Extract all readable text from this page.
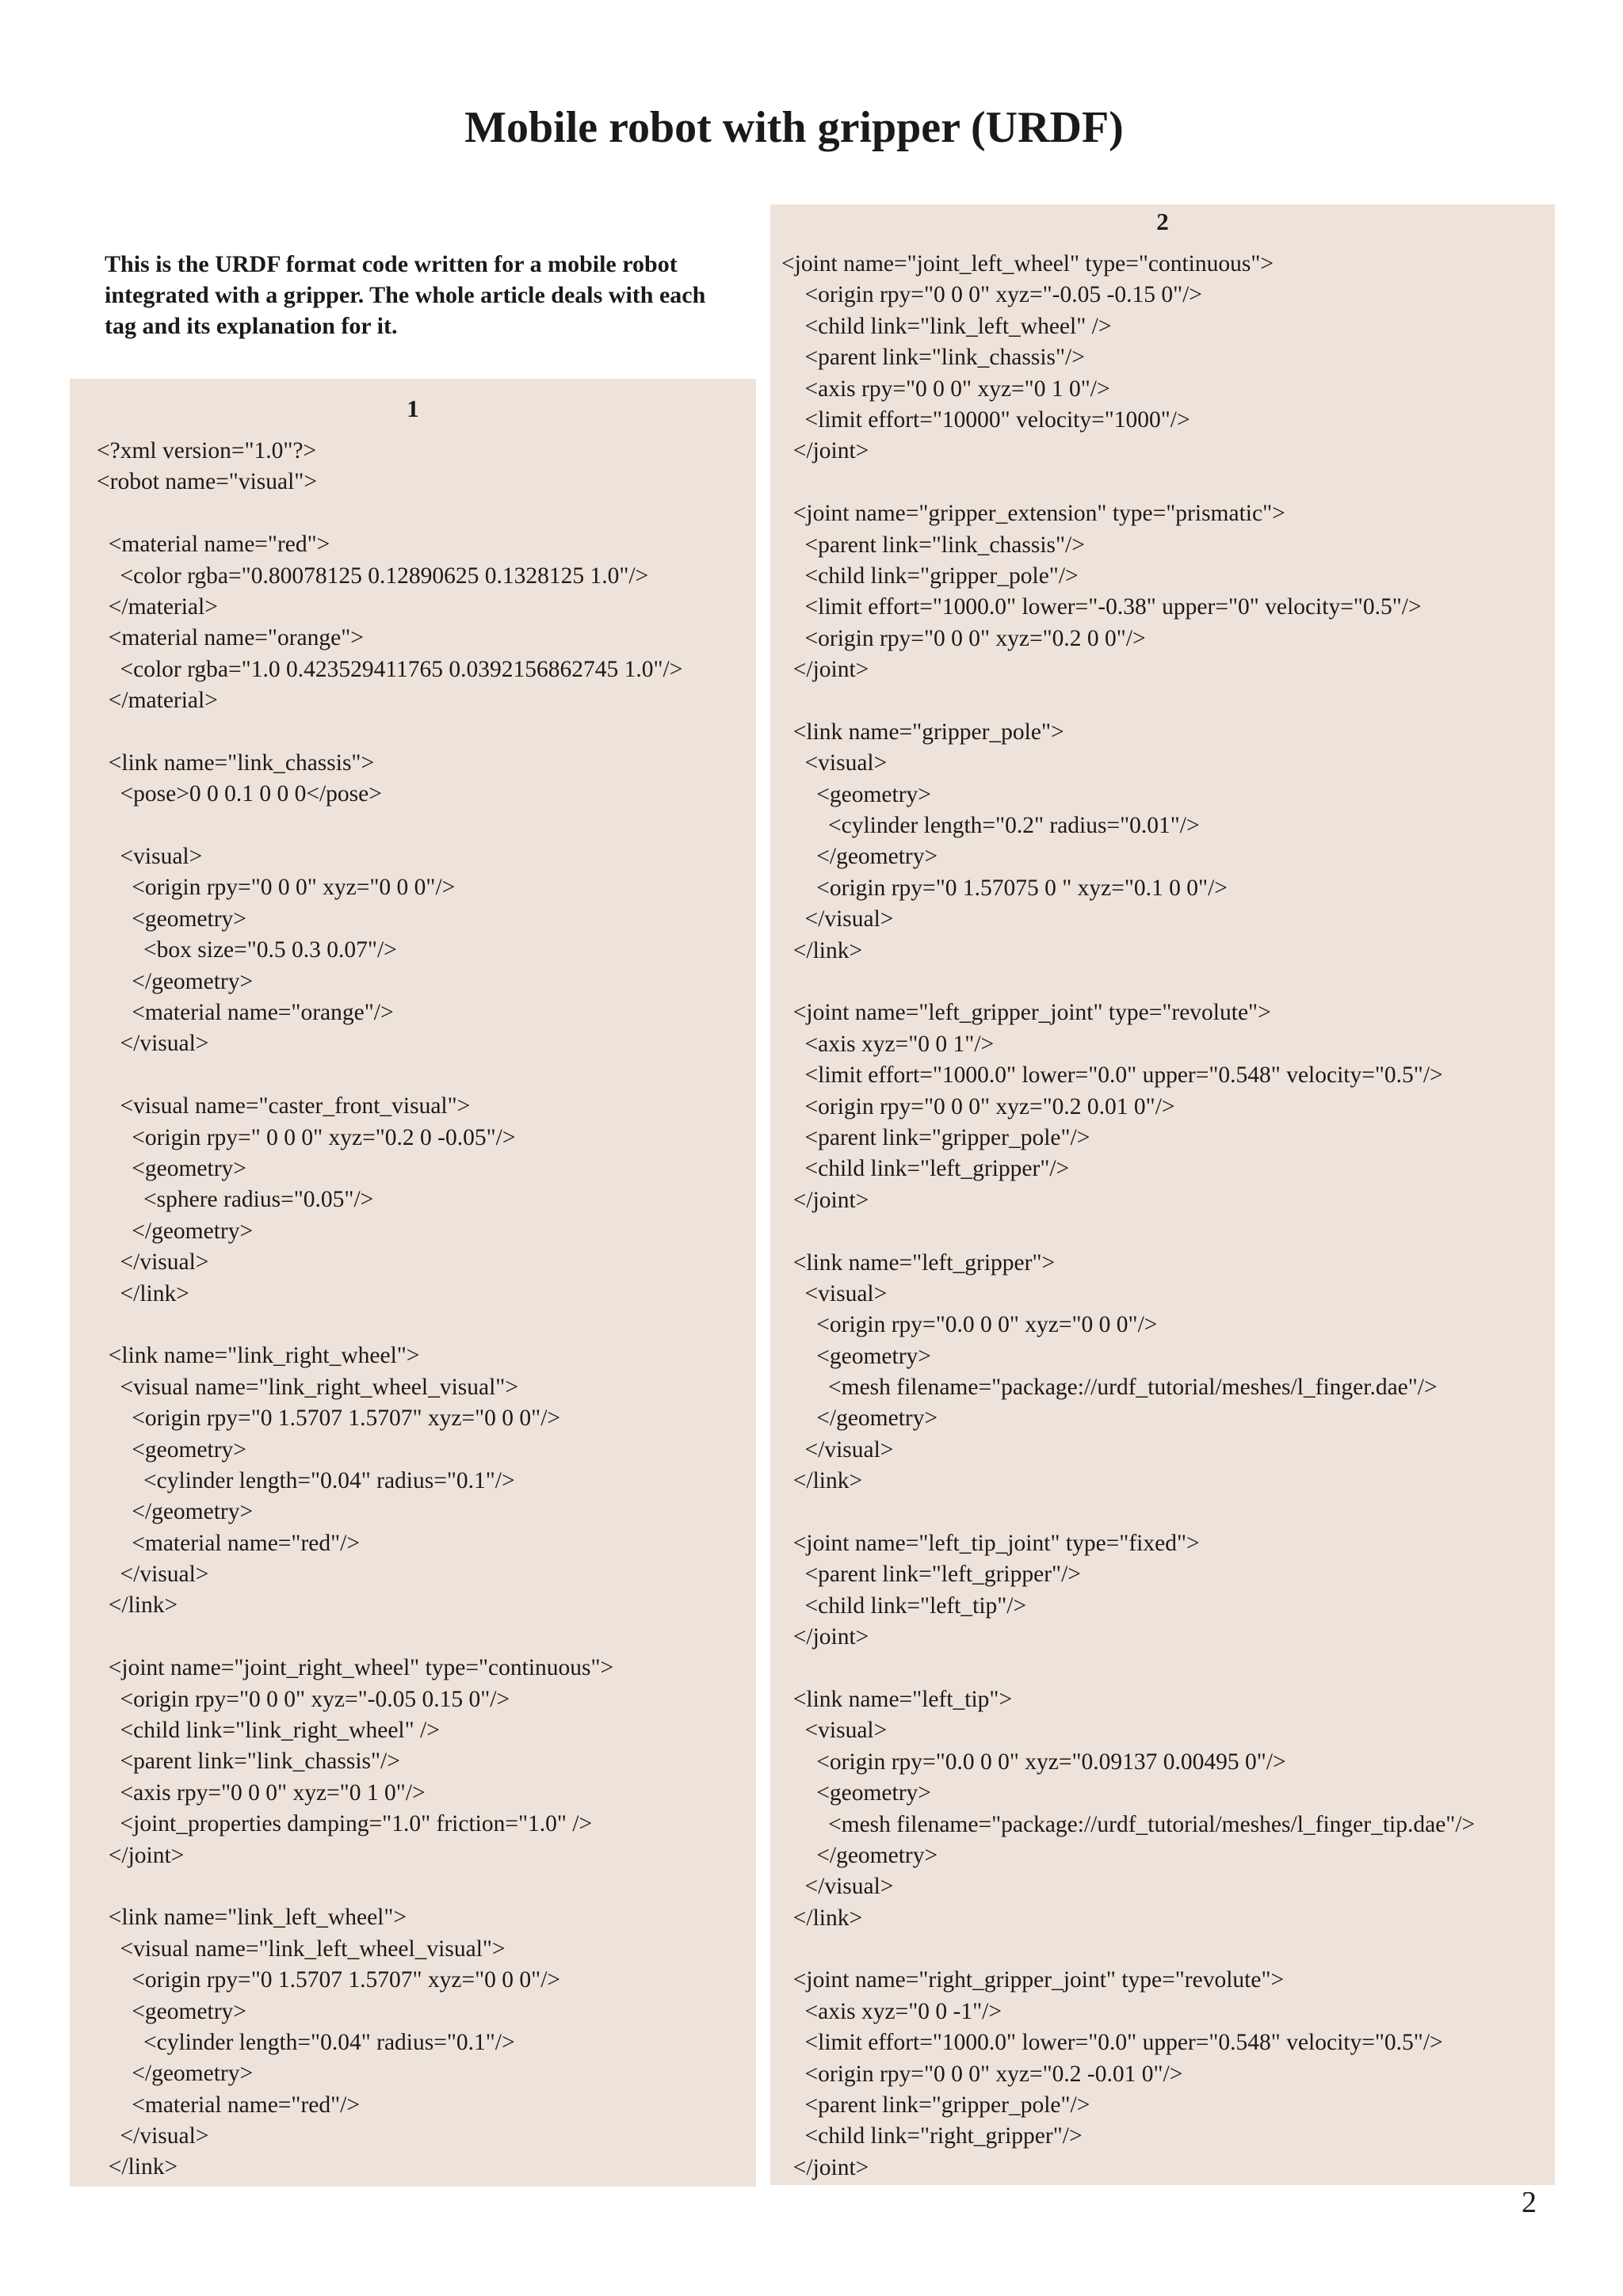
Mobile robot with gripper (URDF)

This is the URDF format code written for a mobile robot integrated with a gripper. The whole article deals with each tag and its explanation for it.

1
<?xml version="1.0"?>
<robot name="visual">
<material name="red">
<color rgba="0.80078125 0.12890625 0.1328125 1.0"/>
</material>
<material name="orange">
<color rgba="1.0 0.423529411765 0.0392156862745 1.0"/>
</material>
<link name="link_chassis">
<pose>0 0 0.1 0 0 0</pose>
<visual>
<origin rpy="0 0 0" xyz="0 0 0"/>
<geometry>
<box size="0.5 0.3 0.07"/>
</geometry>
<material name="orange"/>
</visual>
<visual name="caster_front_visual">
<origin rpy=" 0 0 0" xyz="0.2 0 -0.05"/>
<geometry>
<sphere radius="0.05"/>
</geometry>
</visual>
</link>
<link name="link_right_wheel">
<visual name="link_right_wheel_visual">
<origin rpy="0 1.5707 1.5707" xyz="0 0 0"/>
<geometry>
<cylinder length="0.04" radius="0.1"/>
</geometry>
<material name="red"/>
</visual>
</link>
<joint name="joint_right_wheel" type="continuous">
<origin rpy="0 0 0" xyz="-0.05 0.15 0"/>
<child link="link_right_wheel" />
<parent link="link_chassis"/>
<axis rpy="0 0 0" xyz="0 1 0"/>
<joint_properties damping="1.0" friction="1.0" />
</joint>
<link name="link_left_wheel">
<visual name="link_left_wheel_visual">
<origin rpy="0 1.5707 1.5707" xyz="0 0 0"/>
<geometry>
<cylinder length="0.04" radius="0.1"/>
</geometry>
<material name="red"/>
</visual>
</link>
2
<joint name="joint_left_wheel" type="continuous">
<origin rpy="0 0 0" xyz="-0.05 -0.15 0"/>
<child link="link_left_wheel" />
<parent link="link_chassis"/>
<axis rpy="0 0 0" xyz="0 1 0"/>
<limit effort="10000" velocity="1000"/>
</joint>
<joint name="gripper_extension" type="prismatic">
<parent link="link_chassis"/>
<child link="gripper_pole"/>
<limit effort="1000.0" lower="-0.38" upper="0" velocity="0.5"/>
<origin rpy="0 0 0" xyz="0.2 0 0"/>
</joint>
<link name="gripper_pole">
<visual>
<geometry>
<cylinder length="0.2" radius="0.01"/>
</geometry>
<origin rpy="0 1.57075 0 " xyz="0.1 0 0"/>
</visual>
</link>
<joint name="left_gripper_joint" type="revolute">
<axis xyz="0 0 1"/>
<limit effort="1000.0" lower="0.0" upper="0.548" velocity="0.5"/>
<origin rpy="0 0 0" xyz="0.2 0.01 0"/>
<parent link="gripper_pole"/>
<child link="left_gripper"/>
</joint>
<link name="left_gripper">
<visual>
<origin rpy="0.0 0 0" xyz="0 0 0"/>
<geometry>
<mesh filename="package://urdf_tutorial/meshes/l_finger.dae"/>
</geometry>
</visual>
</link>
<joint name="left_tip_joint" type="fixed">
<parent link="left_gripper"/>
<child link="left_tip"/>
</joint>
<link name="left_tip">
<visual>
<origin rpy="0.0 0 0" xyz="0.09137 0.00495 0"/>
<geometry>
<mesh filename="package://urdf_tutorial/meshes/l_finger_tip.dae"/>
</geometry>
</visual>
</link>
<joint name="right_gripper_joint" type="revolute">
<axis xyz="0 0 -1"/>
<limit effort="1000.0" lower="0.0" upper="0.548" velocity="0.5"/>
<origin rpy="0 0 0" xyz="0.2 -0.01 0"/>
<parent link="gripper_pole"/>
<child link="right_gripper"/>
</joint>
2
